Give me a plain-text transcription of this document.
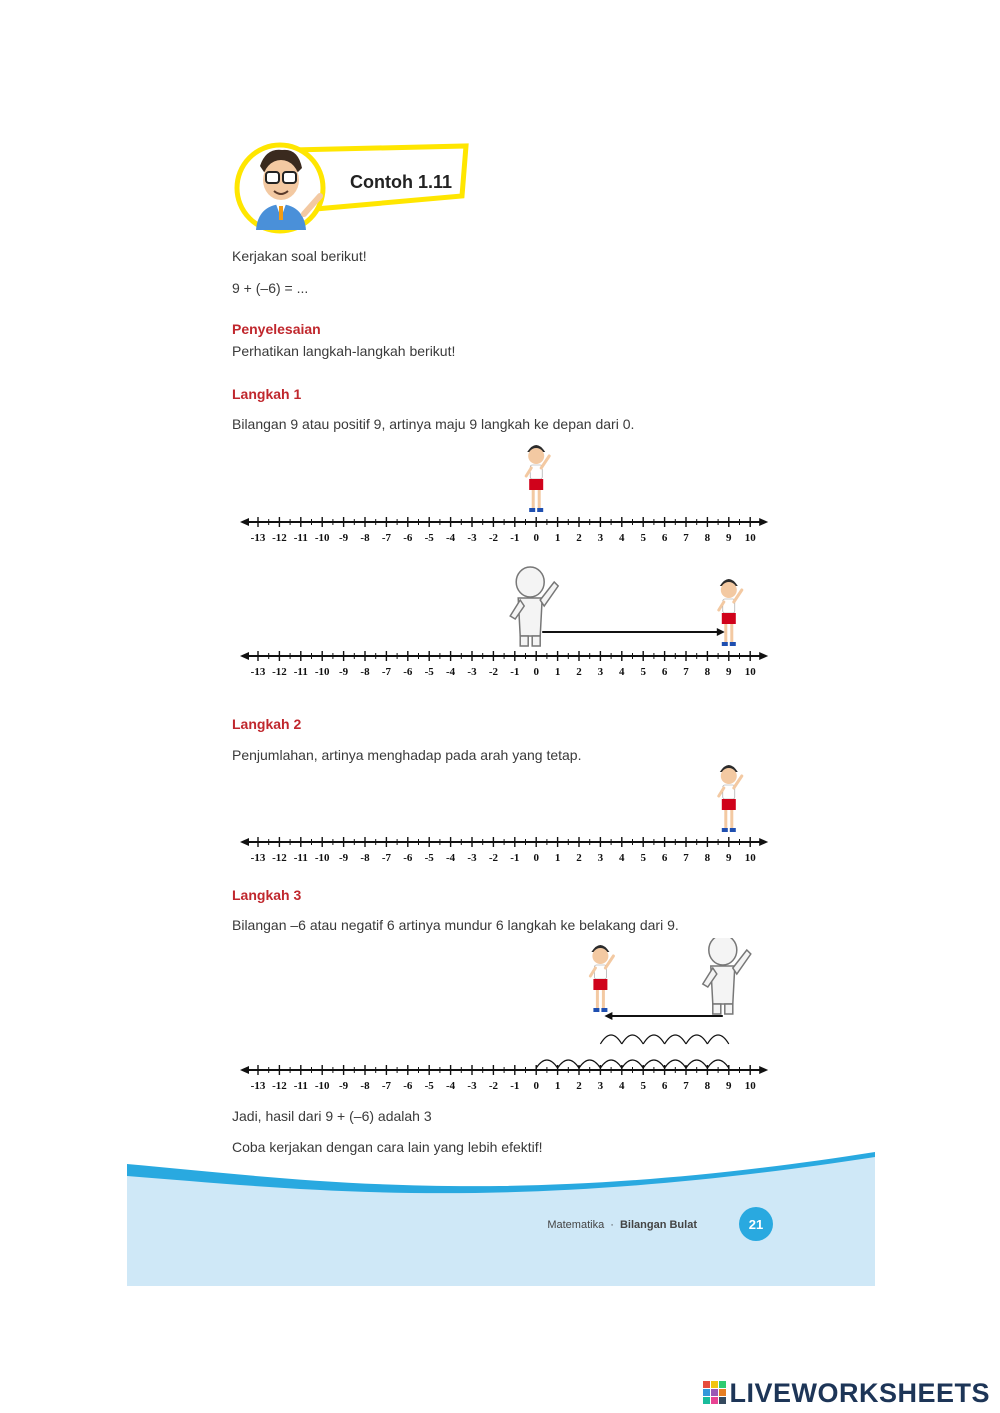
Contoh 1.11
Kerjakan soal berikut!
9 + (–6) = ...
Penyelesaian
Perhatikan langkah-langkah berikut!
Langkah 1
Bilangan 9 atau positif 9, artinya maju 9 langkah ke depan dari 0.
-13 -12 -11 -10 -9 -8 -7 -6 -5 -4 -3 -2 -1 0 1 2 3 4 5 6 7 8 9 10
-13 -12 -11 -10 -9 -8 -7 -6 -5 -4 -3 -2 -1 0 1 2 3 4 5 6 7 8 9 10
Langkah 2
Penjumlahan, artinya menghadap pada arah yang tetap.
-13 -12 -11 -10 -9 -8 -7 -6 -5 -4 -3 -2 -1 0 1 2 3 4 5 6 7 8 9 10
Langkah 3
Bilangan –6 atau negatif 6 artinya mundur 6 langkah ke belakang dari 9.
-13 -12 -11 -10 -9 -8 -7 -6 -5 -4 -3 -2 -1 0 1 2 3 4 5 6 7 8 9 10
Jadi, hasil dari 9 + (–6) adalah 3
Coba kerjakan dengan cara lain yang lebih efektif!
Matematika · Bilangan Bulat	21
LIVEWORKSHEETS
